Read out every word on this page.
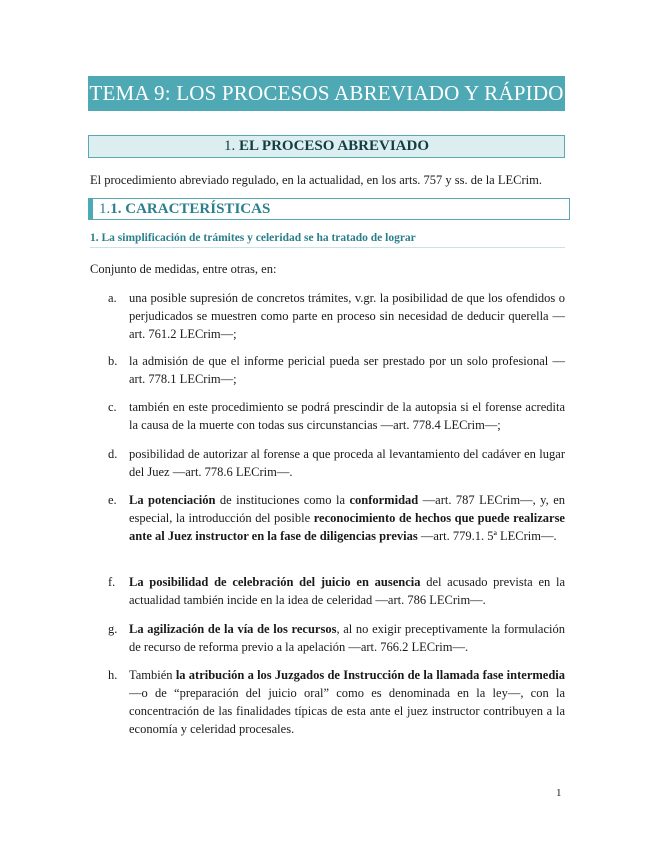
TEMA 9: LOS PROCESOS ABREVIADO Y RÁPIDO
1. EL PROCESO ABREVIADO
El procedimiento abreviado regulado, en la actualidad, en los arts. 757 y ss. de la LECrim.
1.1. CARACTERÍSTICAS
1. La simplificación de trámites y celeridad se ha tratado de lograr
Conjunto de medidas, entre otras, en:
a. una posible supresión de concretos trámites, v.gr. la posibilidad de que los ofendidos o perjudicados se muestren como parte en proceso sin necesidad de deducir querella —art. 761.2 LECrim—;
b. la admisión de que el informe pericial pueda ser prestado por un solo profesional —art. 778.1 LECrim—;
c. también en este procedimiento se podrá prescindir de la autopsia si el forense acredita la causa de la muerte con todas sus circunstancias —art. 778.4 LECrim—;
d. posibilidad de autorizar al forense a que proceda al levantamiento del cadáver en lugar del Juez —art. 778.6 LECrim—.
e. La potenciación de instituciones como la conformidad —art. 787 LECrim—, y, en especial, la introducción del posible reconocimiento de hechos que puede realizarse ante al Juez instructor en la fase de diligencias previas —art. 779.1. 5ª LECrim—.
f.	La posibilidad de celebración del juicio en ausencia del acusado prevista en la actualidad también incide en la idea de celeridad —art. 786 LECrim—.
g. La agilización de la vía de los recursos, al no exigir preceptivamente la formulación de recurso de reforma previo a la apelación —art. 766.2 LECrim—.
h. También la atribución a los Juzgados de Instrucción de la llamada fase intermedia —o de “preparación del juicio oral” como es denominada en la ley—, con la concentración de las finalidades típicas de esta ante el juez instructor contribuyen a la economía y celeridad procesales.
1
